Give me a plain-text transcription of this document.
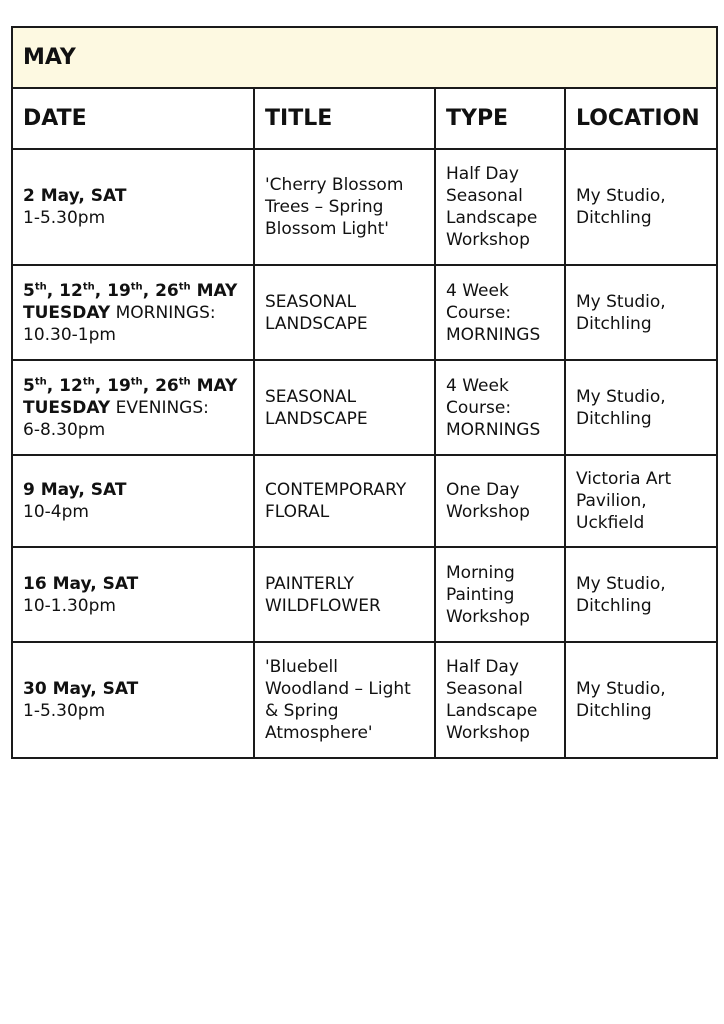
MAY			
DATE	TITLE	TYPE	LOCATION

2 May, SAT
1-5.30pm	'Cherry Blossom Trees – Spring Blossom Light'	Half Day Seasonal Landscape Workshop	My Studio, Ditchling

5th, 12th, 19th, 26th MAY
TUESDAY MORNINGS:
10.30-1pm	SEASONAL LANDSCAPE	4 Week Course: MORNINGS	My Studio, Ditchling

5th, 12th, 19th, 26th MAY
TUESDAY EVENINGS:
6-8.30pm	SEASONAL LANDSCAPE	4 Week Course: MORNINGS	My Studio, Ditchling

9 May, SAT
10-4pm	CONTEMPORARY FLORAL	One Day Workshop	Victoria Art Pavilion, Uckfield

16 May, SAT
10-1.30pm	PAINTERLY WILDFLOWER	Morning Painting Workshop	My Studio, Ditchling

30 May, SAT
1-5.30pm	'Bluebell Woodland – Light & Spring Atmosphere'	Half Day Seasonal Landscape Workshop	My Studio, Ditchling
